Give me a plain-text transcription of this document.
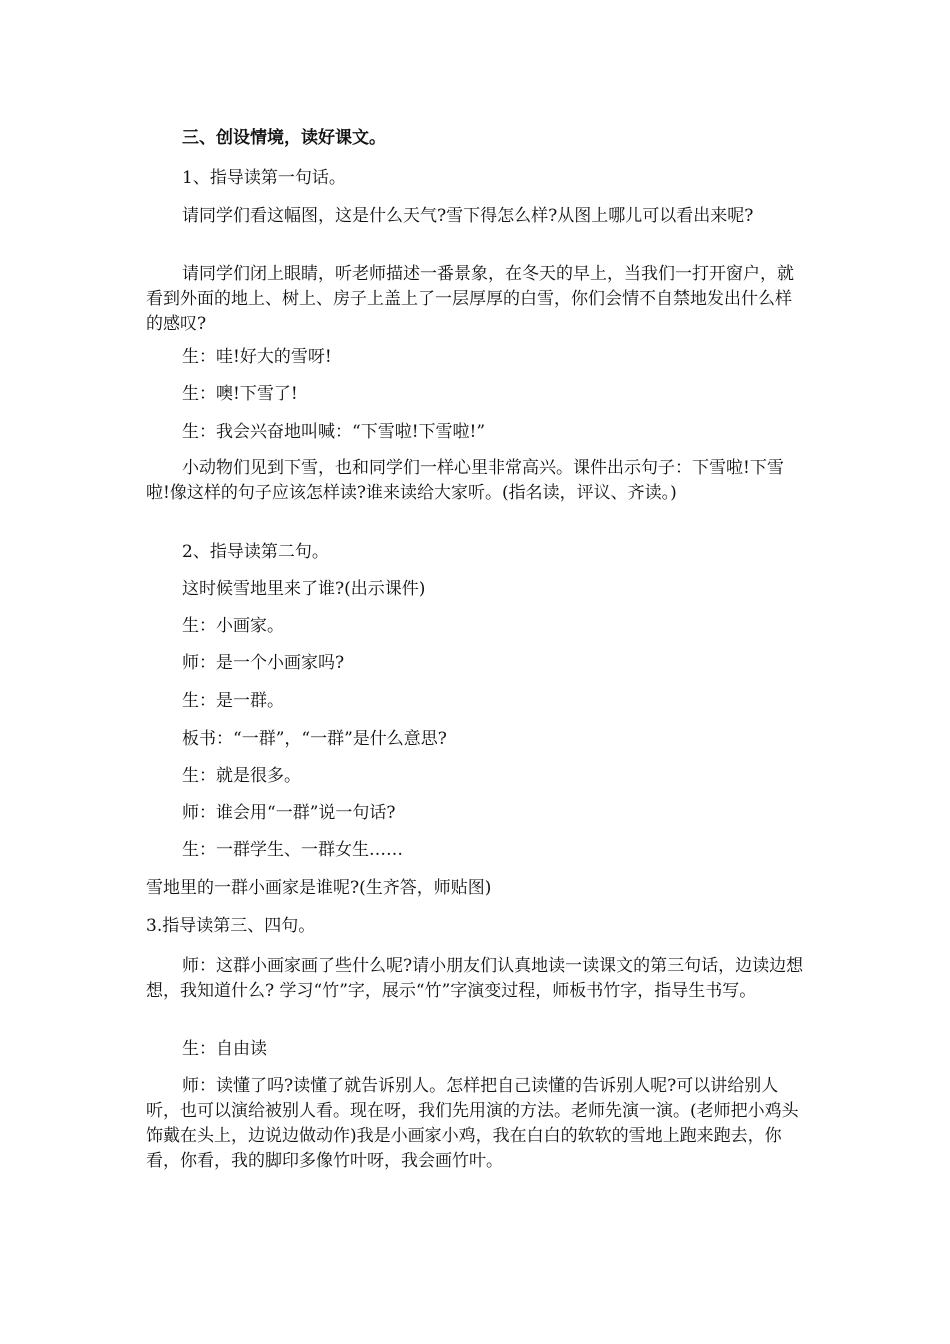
三、创设情境，读好课文。

1、指导读第一句话。

请同学们看这幅图，这是什么天气?雪下得怎么样?从图上哪儿可以看出来呢?

请同学们闭上眼睛，听老师描述一番景象，在冬天的早上，当我们一打开窗户，就看到外面的地上、树上、房子上盖上了一层厚厚的白雪，你们会情不自禁地发出什么样的感叹?

生：哇!好大的雪呀!

生：噢!下雪了!

生：我会兴奋地叫喊：“下雪啦!下雪啦!”

小动物们见到下雪，也和同学们一样心里非常高兴。课件出示句子：下雪啦!下雪啦!像这样的句子应该怎样读?谁来读给大家听。(指名读，评议、齐读。)

2、指导读第二句。

这时候雪地里来了谁?(出示课件)

生：小画家。

师：是一个小画家吗?

生：是一群。

板书：“一群”，“一群”是什么意思?

生：就是很多。

师：谁会用“一群”说一句话?

生：一群学生、一群女生……

雪地里的一群小画家是谁呢?(生齐答，师贴图)

3.指导读第三、四句。

师：这群小画家画了些什么呢?请小朋友们认真地读一读课文的第三句话，边读边想想，我知道什么? 学习“竹”字，展示“竹”字演变过程，师板书竹字，指导生书写。

生：自由读

师：读懂了吗?读懂了就告诉别人。怎样把自己读懂的告诉别人呢?可以讲给别人听，也可以演给被别人看。现在呀，我们先用演的方法。老师先演一演。(老师把小鸡头饰戴在头上，边说边做动作)我是小画家小鸡，我在白白的软软的雪地上跑来跑去，你看，你看，我的脚印多像竹叶呀，我会画竹叶。
